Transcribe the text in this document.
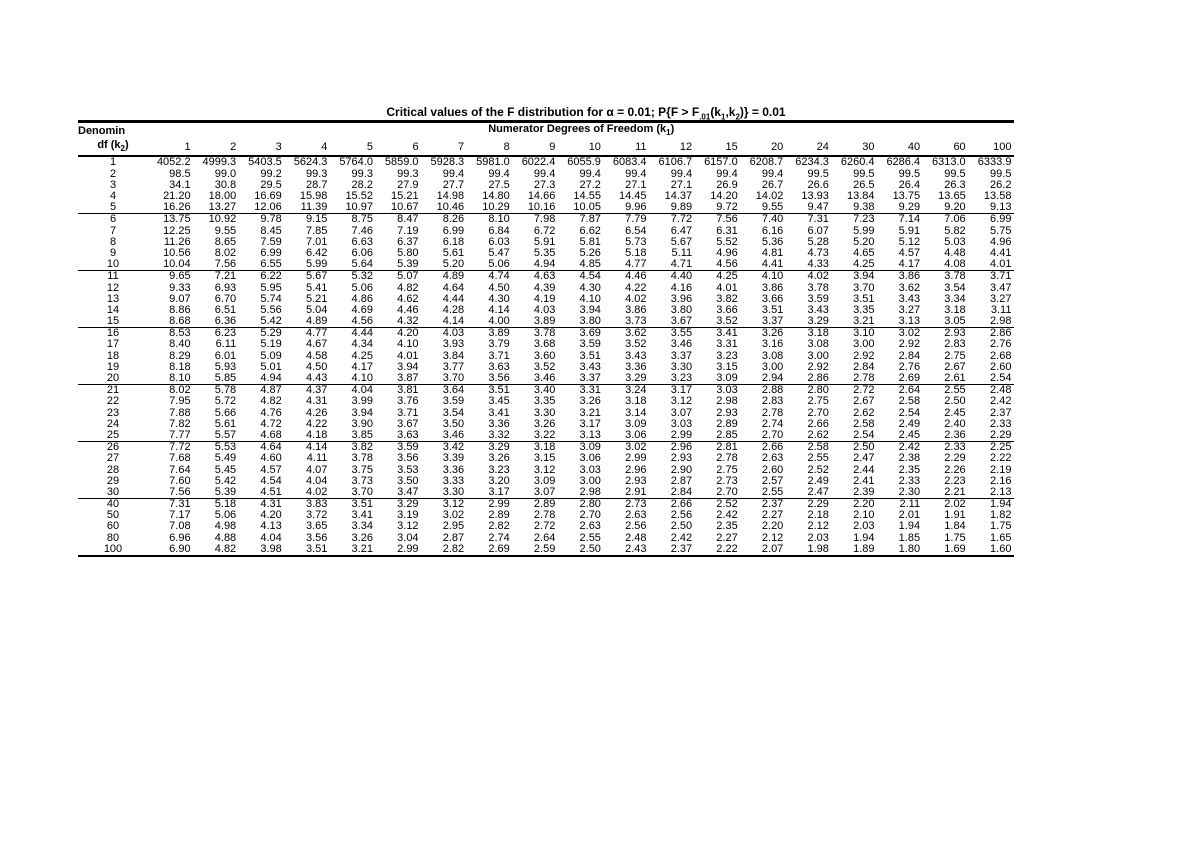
Critical values of the F distribution for α = 0.01; $P\{F > F_{.01}(k_1,k_2)\} = 0.01$
Denomin	Numerator Degrees of Freedom $(k_1)$																		
df $(k_2)$	1	2	3	4	5	6	7	8	9	10	11	12	15	20	24	30	40	60	100
1	4052.2	4999.3	5403.5	5624.3	5764.0	5859.0	5928.3	5981.0	6022.4	6055.9	6083.4	6106.7	6157.0	6208.7	6234.3	6260.4	6286.4	6313.0	6333.9
2	98.5	99.0	99.2	99.3	99.3	99.3	99.4	99.4	99.4	99.4	99.4	99.4	99.4	99.4	99.5	99.5	99.5	99.5	99.5
3	34.1	30.8	29.5	28.7	28.2	27.9	27.7	27.5	27.3	27.2	27.1	27.1	26.9	26.7	26.6	26.5	26.4	26.3	26.2
4	21.20	18.00	16.69	15.98	15.52	15.21	14.98	14.80	14.66	14.55	14.45	14.37	14.20	14.02	13.93	13.84	13.75	13.65	13.58
5	16.26	13.27	12.06	11.39	10.97	10.67	10.46	10.29	10.16	10.05	9.96	9.89	9.72	9.55	9.47	9.38	9.29	9.20	9.13
6	13.75	10.92	9.78	9.15	8.75	8.47	8.26	8.10	7.98	7.87	7.79	7.72	7.56	7.40	7.31	7.23	7.14	7.06	6.99
7	12.25	9.55	8.45	7.85	7.46	7.19	6.99	6.84	6.72	6.62	6.54	6.47	6.31	6.16	6.07	5.99	5.91	5.82	5.75
8	11.26	8.65	7.59	7.01	6.63	6.37	6.18	6.03	5.91	5.81	5.73	5.67	5.52	5.36	5.28	5.20	5.12	5.03	4.96
9	10.56	8.02	6.99	6.42	6.06	5.80	5.61	5.47	5.35	5.26	5.18	5.11	4.96	4.81	4.73	4.65	4.57	4.48	4.41
10	10.04	7.56	6.55	5.99	5.64	5.39	5.20	5.06	4.94	4.85	4.77	4.71	4.56	4.41	4.33	4.25	4.17	4.08	4.01
11	9.65	7.21	6.22	5.67	5.32	5.07	4.89	4.74	4.63	4.54	4.46	4.40	4.25	4.10	4.02	3.94	3.86	3.78	3.71
12	9.33	6.93	5.95	5.41	5.06	4.82	4.64	4.50	4.39	4.30	4.22	4.16	4.01	3.86	3.78	3.70	3.62	3.54	3.47
13	9.07	6.70	5.74	5.21	4.86	4.62	4.44	4.30	4.19	4.10	4.02	3.96	3.82	3.66	3.59	3.51	3.43	3.34	3.27
14	8.86	6.51	5.56	5.04	4.69	4.46	4.28	4.14	4.03	3.94	3.86	3.80	3.66	3.51	3.43	3.35	3.27	3.18	3.11
15	8.68	6.36	5.42	4.89	4.56	4.32	4.14	4.00	3.89	3.80	3.73	3.67	3.52	3.37	3.29	3.21	3.13	3.05	2.98
16	8.53	6.23	5.29	4.77	4.44	4.20	4.03	3.89	3.78	3.69	3.62	3.55	3.41	3.26	3.18	3.10	3.02	2.93	2.86
17	8.40	6.11	5.19	4.67	4.34	4.10	3.93	3.79	3.68	3.59	3.52	3.46	3.31	3.16	3.08	3.00	2.92	2.83	2.76
18	8.29	6.01	5.09	4.58	4.25	4.01	3.84	3.71	3.60	3.51	3.43	3.37	3.23	3.08	3.00	2.92	2.84	2.75	2.68
19	8.18	5.93	5.01	4.50	4.17	3.94	3.77	3.63	3.52	3.43	3.36	3.30	3.15	3.00	2.92	2.84	2.76	2.67	2.60
20	8.10	5.85	4.94	4.43	4.10	3.87	3.70	3.56	3.46	3.37	3.29	3.23	3.09	2.94	2.86	2.78	2.69	2.61	2.54
21	8.02	5.78	4.87	4.37	4.04	3.81	3.64	3.51	3.40	3.31	3.24	3.17	3.03	2.88	2.80	2.72	2.64	2.55	2.48
22	7.95	5.72	4.82	4.31	3.99	3.76	3.59	3.45	3.35	3.26	3.18	3.12	2.98	2.83	2.75	2.67	2.58	2.50	2.42
23	7.88	5.66	4.76	4.26	3.94	3.71	3.54	3.41	3.30	3.21	3.14	3.07	2.93	2.78	2.70	2.62	2.54	2.45	2.37
24	7.82	5.61	4.72	4.22	3.90	3.67	3.50	3.36	3.26	3.17	3.09	3.03	2.89	2.74	2.66	2.58	2.49	2.40	2.33
25	7.77	5.57	4.68	4.18	3.85	3.63	3.46	3.32	3.22	3.13	3.06	2.99	2.85	2.70	2.62	2.54	2.45	2.36	2.29
26	7.72	5.53	4.64	4.14	3.82	3.59	3.42	3.29	3.18	3.09	3.02	2.96	2.81	2.66	2.58	2.50	2.42	2.33	2.25
27	7.68	5.49	4.60	4.11	3.78	3.56	3.39	3.26	3.15	3.06	2.99	2.93	2.78	2.63	2.55	2.47	2.38	2.29	2.22
28	7.64	5.45	4.57	4.07	3.75	3.53	3.36	3.23	3.12	3.03	2.96	2.90	2.75	2.60	2.52	2.44	2.35	2.26	2.19
29	7.60	5.42	4.54	4.04	3.73	3.50	3.33	3.20	3.09	3.00	2.93	2.87	2.73	2.57	2.49	2.41	2.33	2.23	2.16
30	7.56	5.39	4.51	4.02	3.70	3.47	3.30	3.17	3.07	2.98	2.91	2.84	2.70	2.55	2.47	2.39	2.30	2.21	2.13
40	7.31	5.18	4.31	3.83	3.51	3.29	3.12	2.99	2.89	2.80	2.73	2.66	2.52	2.37	2.29	2.20	2.11	2.02	1.94
50	7.17	5.06	4.20	3.72	3.41	3.19	3.02	2.89	2.78	2.70	2.63	2.56	2.42	2.27	2.18	2.10	2.01	1.91	1.82
60	7.08	4.98	4.13	3.65	3.34	3.12	2.95	2.82	2.72	2.63	2.56	2.50	2.35	2.20	2.12	2.03	1.94	1.84	1.75
80	6.96	4.88	4.04	3.56	3.26	3.04	2.87	2.74	2.64	2.55	2.48	2.42	2.27	2.12	2.03	1.94	1.85	1.75	1.65
100	6.90	4.82	3.98	3.51	3.21	2.99	2.82	2.69	2.59	2.50	2.43	2.37	2.22	2.07	1.98	1.89	1.80	1.69	1.60
